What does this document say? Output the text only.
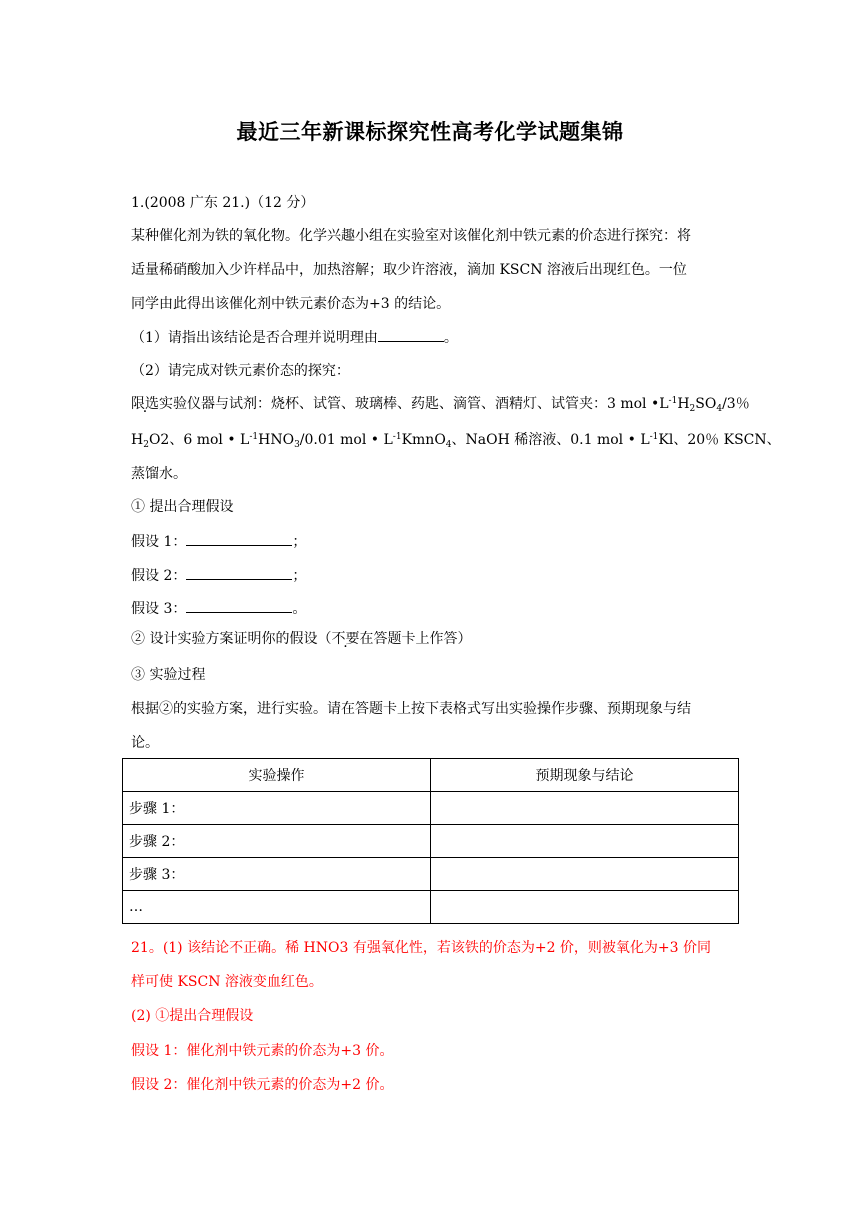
最近三年新课标探究性高考化学试题集锦
1.(2008 广东 21.)（12 分）
某种催化剂为铁的氧化物。化学兴趣小组在实验室对该催化剂中铁元素的价态进行探究：将
适量稀硝酸加入少许样品中，加热溶解；取少许溶液，滴加 KSCN 溶液后出现红色。一位
同学由此得出该催化剂中铁元素价态为+3 的结论。
（1）请指出该结论是否合理并说明理由	。
（2）请完成对铁元素价态的探究：
限选实验仪器与试剂：烧杯、试管、玻璃棒、药匙、滴管、酒精灯、试管夹：3 mol $•L^{-1}H_2SO_4/3$％
$H_2O2$、6 mol • $L^{-1}HNO_3/0.01$ mol • $L^{-1}KmnO_4$、NaOH 稀溶液、0.1 mol • $L^{-1}Kl$、20％ KSCN、
蒸馏水。
① 提出合理假设
假设 1：	；
假设 2：	；
假设 3：	。
② 设计实验方案证明你的假设（不要在答题卡上作答）
③ 实验过程
根据②的实验方案，进行实验。请在答题卡上按下表格式写出实验操作步骤、预期现象与结
论。
实验操作	预期现象与结论
步骤 1：	
步骤 2：	
步骤 3：	
…	
21。(1) 该结论不正确。稀 HNO3 有强氧化性，若该铁的价态为+2 价，则被氧化为+3 价同
样可使 KSCN 溶液变血红色。
(2) ①提出合理假设
假设 1：催化剂中铁元素的价态为+3 价。
假设 2：催化剂中铁元素的价态为+2 价。
